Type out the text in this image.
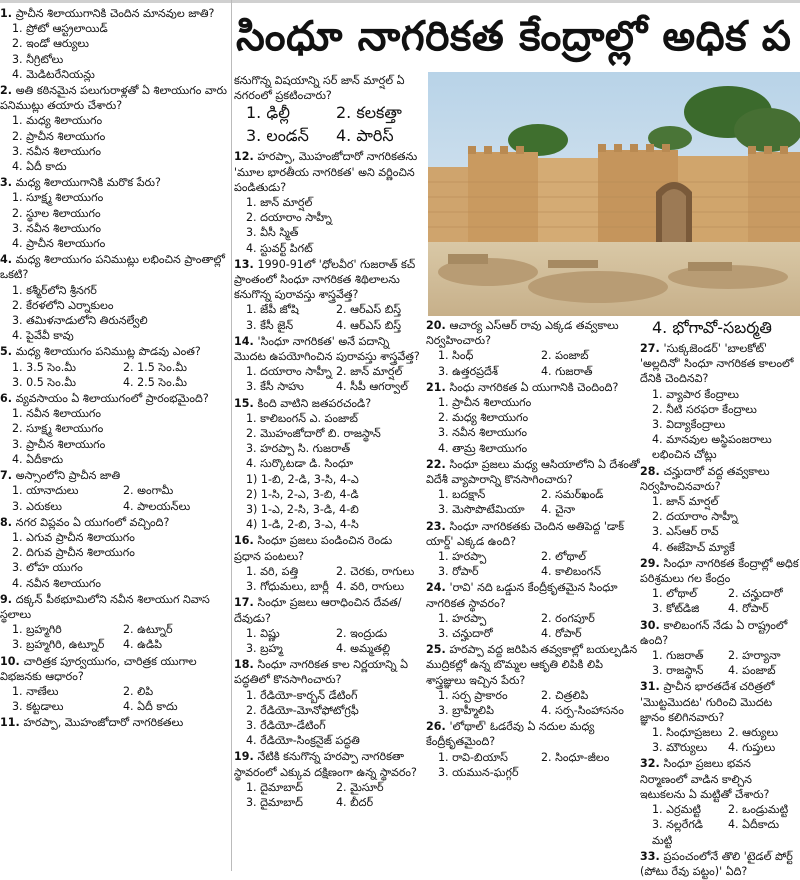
సింధూ నాగరికత కేంద్రాల్లో అధిక ప
1. ప్రాచీన శిలాయుగానికి చెందిన మానవుల జాతి?
1. ప్రోటో ఆస్ట్రలాయిడ్
2. ఇండో ఆర్యులు
3. నీగ్రిటోలు
4. మెడిటరేనియన్లు
2. అతి కఠినమైన పలుగురాళ్లతో ఏ శిలాయుగం వారు పనిముట్లు తయారు చేశారు?
1. మధ్య శిలాయుగం
2. ప్రాచీన శిలాయుగం
3. నవీన శిలాయుగం
4. ఏదీ కాదు
3. మధ్య శిలాయుగానికి మరొక పేరు?
1. సూక్ష్మ శిలాయుగం
2. స్థూల శిలాయుగం
3. నవీన శిలాయుగం
4. ప్రాచీన శిలాయుగం
4. మధ్య శిలాయుగం పనిముట్లు లభించిన ప్రాంతాల్లో ఒకటి?
1. కశ్మీర్‌లోని శ్రీనగర్
2. కేరళలోని ఎర్నాకులం
3. తమిళనాడులోని తిరునల్వేలి
4. పైవేవీ కావు
5. మధ్య శిలాయుగం పనిముట్ల పొడవు ఎంత?
1. 3.5 సెం.మీ	2. 1.5 సెం.మీ
3. 0.5 సెం.మీ	4. 2.5 సెం.మీ
6. వ్యవసాయం ఏ శిలాయుగంలో ప్రారంభమైంది?
1. నవీన శిలాయుగం
2. సూక్ష్మ శిలాయుగం
3. ప్రాచీన శిలాయుగం
4. ఏదీకాదు
7. అస్సాంలోని ప్రాచీన జాతి
1. యానాదులు	2. అంగామీ
3. ఎరుకలు	4. పాలయన్‌లు
8. నగర విప్లవం ఏ యుగంలో వచ్చింది?
1. ఎగువ ప్రాచీన శిలాయుగం
2. దిగువ ప్రాచీన శిలాయుగం
3. లోహ యుగం
4. నవీన శిలాయుగం
9. దక్కన్ పీఠభూమిలోని నవీన శిలాయుగ నివాస స్థలాలు
1. బ్రహ్మగిరి	2. ఉట్నూర్
3. బ్రహ్మగిరి, ఉట్నూర్	4. ఉడిపి
10. చారిత్రక పూర్వయుగం, చారిత్రక యుగాల విభజనకు ఆధారం?
1. నాణేలు	2. లిపి
3. కట్టడాలు	4. ఏదీ కాదు
11. హరప్పా, మొహంజోదారో నాగరికతలు
కనుగొన్న విషయాన్ని సర్ జాన్ మార్షల్ ఏ నగరంలో ప్రకటించారు?
1. ఢిల్లీ	2. కలకత్తా
3. లండన్	4. పారిస్
12. హరప్పా, మొహంజోదారో నాగరికతను 'మూల భారతీయ నాగరికత' అని వర్ణించిన పండితుడు?
1. జాన్ మార్షల్
2. దయారాం సాహ్నీ
3. వీసీ స్మిత్
4. స్టువర్ట్ పిగట్
13. 1990-91లో 'ధోలవీర' గుజరాత్ కచ్ ప్రాంతంలో సింధూ నాగరికత శిథిలాలను కనుగొన్న పురావస్తు శాస్త్రవేత్త?
1. జేపీ జోషి	2. ఆర్‌ఎస్ బిస్త్
3. కేసీ జైన్	4. ఆర్ఎస్ బిస్త్
14. 'సింధూ నాగరికత' అనే పదాన్ని మొదట ఉపయోగించిన పురావస్తు శాస్త్రవేత్త?
1. దయారాం సాహ్నీ 2. జాన్ మార్షల్
3. కేసీ సాహు	4. సీపీ ఆగర్వాల్
15. కింది వాటిని జతపరచండి?
1. కాలిబంగన్ ఎ. పంజాబ్
2. మొహంజోదారో బి. రాజస్థాన్
3. హరప్పా సి. గుజరాత్
4. సుర్కొటడా డి. సింధూ
1) 1-బి, 2-డి, 3-సి, 4-ఎ
2) 1-సి, 2-ఎ, 3-బి, 4-డి
3) 1-ఎ, 2-సి, 3-డి, 4-బి
4) 1-డి, 2-బి, 3-ఎ, 4-సి
16. సింధూ ప్రజలు పండించిన రెండు ప్రధాన పంటలు?
1. వరి, పత్తి	2. చెరకు, రాగులు
3. గోధుమలు, బార్లీ 4. వరి, రాగులు
17. సింధూ ప్రజలు ఆరాధించిన దేవత/దేవుడు?
1. విష్ణు	2. ఇంద్రుడు
3. బ్రహ్మ	4. అమ్మతల్లి
18. సింధూ నాగరికత కాల నిర్ణయాన్ని ఏ పద్ధతిలో కొనసాగించారు?
1. రేడియో-కార్బన్ డేటింగ్
2. రేడియో-మోనోఫోటోగ్రఫీ
3. రేడియో-డేటింగ్
4. రేడియో-సింక్రనైజ్ పద్ధతి
19. నేటికి కనుగొన్న హరప్పా నాగరికతా స్థావరంలో ఎక్కువ దక్షిణంగా ఉన్న స్థావరం?
1. దైమాబాద్	2. మైసూర్
3. దైమాబాద్	4. బీదర్
20. ఆచార్య ఎస్ఆర్ రావు ఎక్కడ తవ్వకాలు నిర్వహించారు?
1. సింధ్	2. పంజాబ్
3. ఉత్తరప్రదేశ్	4. గుజరాత్
21. సింధు నాగరికత ఏ యుగానికి చెందింది?
1. ప్రాచీన శిలాయుగం
2. మధ్య శిలాయుగం
3. నవీన శిలాయుగం
4. తామ్ర శిలాయుగం
22. సింధూ ప్రజలు మధ్య ఆసియాలోని ఏ దేశంతో విదేశీ వ్యాపారాన్ని కొనసాగించారు?
1. బదక్షాన్	2. సమర్‌ఖండ్
3. మెసొపొటేమియా	4. చైనా
23. సింధూ నాగరికతకు చెందిన అతిపెద్ద 'డాక్ యార్డ్' ఎక్కడ ఉంది?
1. హరప్పా	2. లోథాల్
3. రోపార్	4. కాలిబంగన్
24. 'రావి' నది ఒడ్డున కేంద్రీకృతమైన సింధూ నాగరికత స్థావరం?
1. హరప్పా	2. రంగపూర్
3. చన్హుదారో	4. రోపార్
25. హరప్పా వద్ద జరిపిన తవ్వకాల్లో బయల్పడిన ముద్రికల్లో ఉన్న బొమ్మల ఆకృతి లిపికి లిపి శాస్త్రజ్ఞులు ఇచ్చిన పేరు?
1. సర్ప ప్రాకారం	2. చిత్రలిపి
3. బ్రాహ్మీలిపి	4. సర్ప-సింహాసనం
26. 'లోథాల్' ఓడరేవు ఏ నదుల మధ్య కేంద్రీకృతమైంది?
1. రావి-బియాస్	2. సింధూ-జీలం
3. యమున-ఘగ్గర్
4. భోగావో-సబర్మతి
27. 'సుక్కజెండర్' 'బాలకోట్' 'అల్లదినో' సింధూ నాగరికత కాలంలో దేనికి చెందినవి?
1. వ్యాపార కేంద్రాలు
2. నీటి సరఫరా కేంద్రాలు
3. విద్యాకేంద్రాలు
4. మానవుల అస్థిపంజరాలు లభించిన చోట్లు
28. చన్హుదారో వద్ద తవ్వకాలు నిర్వహించినవారు?
1. జాన్ మార్షల్
2. దయారాం సాహ్నీ
3. ఎస్ఆర్ రావ్
4. ఈజేహెచ్ మ్యాకే
29. సింధూ నాగరికత కేంద్రాల్లో అధిక పరిశ్రమలు గల కేంద్రం
1. లోథాల్	2. చన్హుదారో
3. కోట్‌డిజి	4. రోపార్
30. కాలిబంగన్ నేడు ఏ రాష్ట్రంలో ఉంది?
1. గుజరాత్	2. హర్యానా
3. రాజస్థాన్	4. పంజాబ్
31. ప్రాచీన భారతదేశ చరిత్రలో 'మొట్టమొదట' గురించి మొదట జ్ఞానం కలిగినవారు?
1. సింధూప్రజలు 2. ఆర్యులు
3. మౌర్యులు	4. గుప్తులు
32. సింధూ ప్రజలు భవన నిర్మాణంలో వాడిన కాల్చిన ఇటుకలను ఏ మట్టితో చేశారు?
1. ఎర్రమట్టి	2. ఒండ్రుమట్టి
3. నల్లరేగడి మట్టి
4. ఏదీకాదు
33. ప్రపంచంలోనే తొలి 'టైడల్ పోర్ట్ (పోటు రేవు పట్టం)' ఏది?
